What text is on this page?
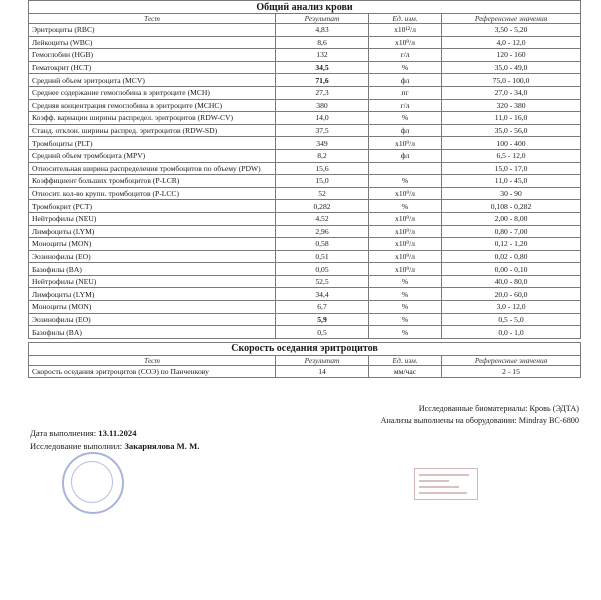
Общий анализ крови			
Тест	Результат	Ед. изм.	Референсные значения
Эритроциты (RBC)	4,83	x10¹²/л	3,50 - 5,20
Лейкоциты (WBC)	8,6	x10⁹/л	4,0 - 12,0
Гемоглобин (HGB)	132	г/л	120 - 160
Гематокрит (HCT)	34,5	%	35,0 - 49,0
Средний объем эритроцита (MCV)	71,6	фл	75,0 - 100,0
Среднее содержание гемоглобина в эритроците (MCH)	27,3	пг	27,0 - 34,0
Средняя концентрация гемоглобина в эритроците (MCHC)	380	г/л	320 - 380
Коэфф. вариации ширины распредел. эритроцитов (RDW-CV)	14,0	%	11,0 - 16,0
Станд. отклон. ширины распред. эритроцитов (RDW-SD)	37,5	фл	35,0 - 56,0
Тромбоциты (PLT)	349	x10⁹/л	100 - 400
Средний объем тромбоцита (MPV)	8,2	фл	6,5 - 12,0
Относительная ширина распределения тромбоцитов по объему (PDW)	15,6		15,0 - 17,0
Коэффициент больших тромбоцитов (P-LCR)	15,0	%	11,0 - 45,0
Относит. кол-во крупн. тромбоцитов (P-LCC)	52	x10⁹/л	30 - 90
Тромбокрит (PCT)	0,282	%	0,108 - 0,282
Нейтрофилы (NEU)	4,52	x10⁹/л	2,00 - 8,00
Лимфоциты (LYM)	2,96	x10⁹/л	0,80 - 7,00
Моноциты (MON)	0,58	x10⁹/л	0,12 - 1,20
Эозинофилы (EO)	0,51	x10⁹/л	0,02 - 0,80
Базофилы (BA)	0,05	x10⁹/л	0,00 - 0,10
Нейтрофилы (NEU)	52,5	%	40,0 - 80,0
Лимфоциты (LYM)	34,4	%	20,0 - 60,0
Моноциты (MON)	6,7	%	3,0 - 12,0
Эозинофилы (EO)	5,9	%	0,5 - 5,0
Базофилы (BA)	0,5	%	0,0 - 1,0
Скорость оседания эритроцитов			
Тест	Результат	Ед. изм.	Референсные значения
Скорость оседания эритроцитов (СОЭ) по Панченкову	14	мм/час	2 - 15
Исследованные биоматериалы: Кровь (ЭДТА)
Анализы выполнены на оборудовании: Mindray BC-6800
Дата выполнения: 13.11.2024
Исследование выполнил: Закарнялова М. М.
